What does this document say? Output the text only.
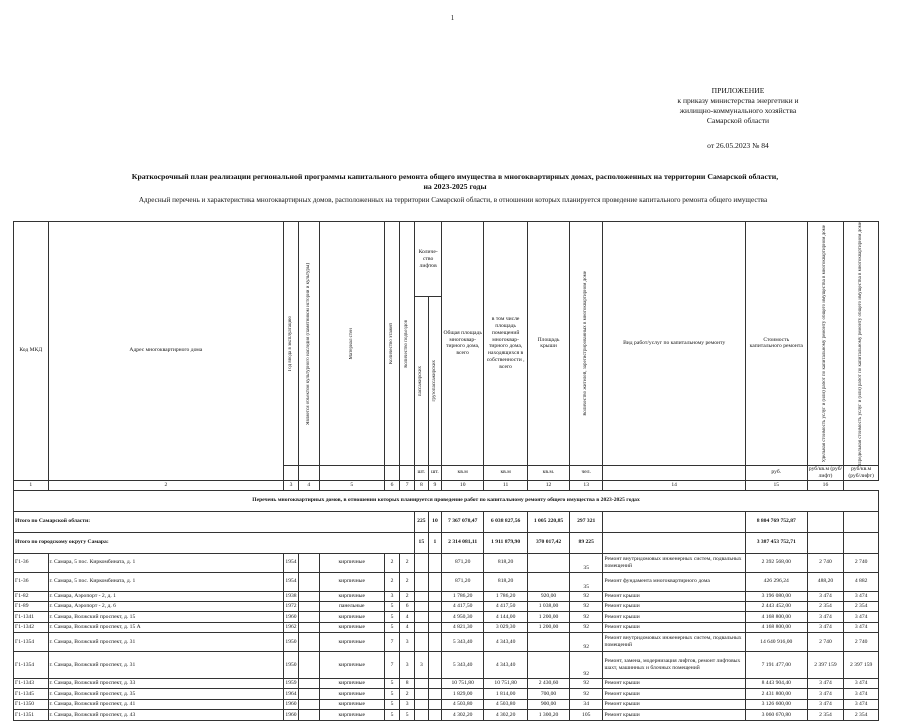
1
ПРИЛОЖЕНИЕ
к приказу министерства энергетики и
жилищно-коммунального хозяйства
Самарской области
от 26.05.2023 № 84
Краткосрочный план реализации региональной программы капитального ремонта общего имущества в многоквартирных домах, расположенных на территории Самарской области,
на 2023-2025 годы
Адресный перечень и характеристика многоквартирных домов, расположенных на территории Самарской области, в отношении которых планируется проведение капитального ремонта общего имущества
Код МКД	Адрес многоквартирного дома	Год ввода в эксплуатацию	Является объектом культурного наследия (памятником истории и культуры)	Материал стен	Количество этажей	Количество подъездов	Количе- ство лифтов		Общая площадь многоквар- тирного дома, всего	в том числе площадь помещений многоквар- тирного дома, находящихся в собственности , всего	Площадь крыши	Количество жителей, зарегистрированных в многоквартирном доме	Вид работ/услуг по капитальному ремонту	Стоимость капитального ремонта	Удельная стоимость услуг и (или) работ по капитальному ремонту общего имущества в многоквартирном доме	Предельная стоимость услуг и (или) работ по капитальному ремонту общего имущества в многоквартирном доме

							пассажирских	грузопассажирских								

							шт.	шт.	кв.м	кв.м	кв.м.	чел.		руб.	руб/кв.м (руб/лифт)	руб/кв.м (руб/лифт)
1	2	3	4	5	6	7	8	9	10	11	12	13	14	15	16	
Перечень многоквартирных домов, в отношении которых планируется проведение работ по капитальному ремонту общего имущества в 2023-2025 годах																
Итого по Самарской области:							225	10	7 367 078,47	6 038 827,56	1 005 220,85	297 321		8 804 769 752,87		
Итого по городскому округу Самара:							15	1	2 314 081,11	1 911 879,90	370 017,42	89 225		3 387 453 752,71		
Г1-36	г. Самара, 5 пос. Киркомбината, д. 1	1954		кирпичные	2	2			871,20	818,20		35	Ремонт внутридомовых инженерных систем, подвальных помещений	2 392 568,00	2 740	2 740
Г1-36	г. Самара, 5 пос. Киркомбината, д. 1	1954		кирпичные	2	2			871,20	818,20		35	Ремонт фундамента многоквартирного дома	426 296,24	488,20	4 882
Г1-82	г. Самара, Аэропорт - 2, д. 1	1938		кирпичные	3	2			1 786,20	1 786,20	920,00	92	Ремонт крыши	3 196 080,00	3 474	3 474
Г1-89	г. Самара, Аэропорт - 2, д. 6	1972		панельные	5	6			4 417,50	4 417,50	1 038,00	92	Ремонт крыши	2 443 452,00	2 354	2 354
Г1-1341	г. Самара, Волжский проспект, д. 15	1960		кирпичные	5	4			4 950,30	4 144,00	1 200,00	92	Ремонт крыши	4 168 800,00	3 474	3 474
Г1-1342	г. Самара, Волжский проспект, д. 15 А	1962		кирпичные	5	4			4 821,30	3 029,30	1 200,00	92	Ремонт крыши	4 168 800,00	3 474	3 474
Г1-1354	г. Самара, Волжский проспект, д. 31	1950		кирпичные	7	3			5 343,40	4 343,40		92	Ремонт внутридомовых инженерных систем, подвальных помещений	14 640 916,00	2 740	2 740
Г1-1354	г. Самара, Волжский проспект, д. 31	1950		кирпичные	7	3	3		5 343,40	4 343,40		92	Ремонт, замена, модернизация лифтов, ремонт лифтовых шахт, машинных и блочных помещений	7 191 477,00	2 397 159	2 397 159
Г1-1343	г. Самара, Волжский проспект, д. 33	1959		кирпичные	5	8			10 751,80	10 751,80	2 430,60	92	Ремонт крыши	8 443 904,40	3 474	3 474
Г1-1345	г. Самара, Волжский проспект, д. 35	1964		кирпичные	5	2			1 829,00	1 814,00	700,00	92	Ремонт крыши	2 431 800,00	3 474	3 474
Г1-1350	г. Самара, Волжский проспект, д. 41	1960		кирпичные	5	3			4 503,80	4 503,80	900,00	34	Ремонт крыши	3 126 600,00	3 474	3 474
Г1-1351	г. Самара, Волжский проспект, д. 43	1960		кирпичные	5	5			4 302,20	4 302,20	1 300,20	105	Ремонт крыши	3 060 670,80	2 354	2 354
